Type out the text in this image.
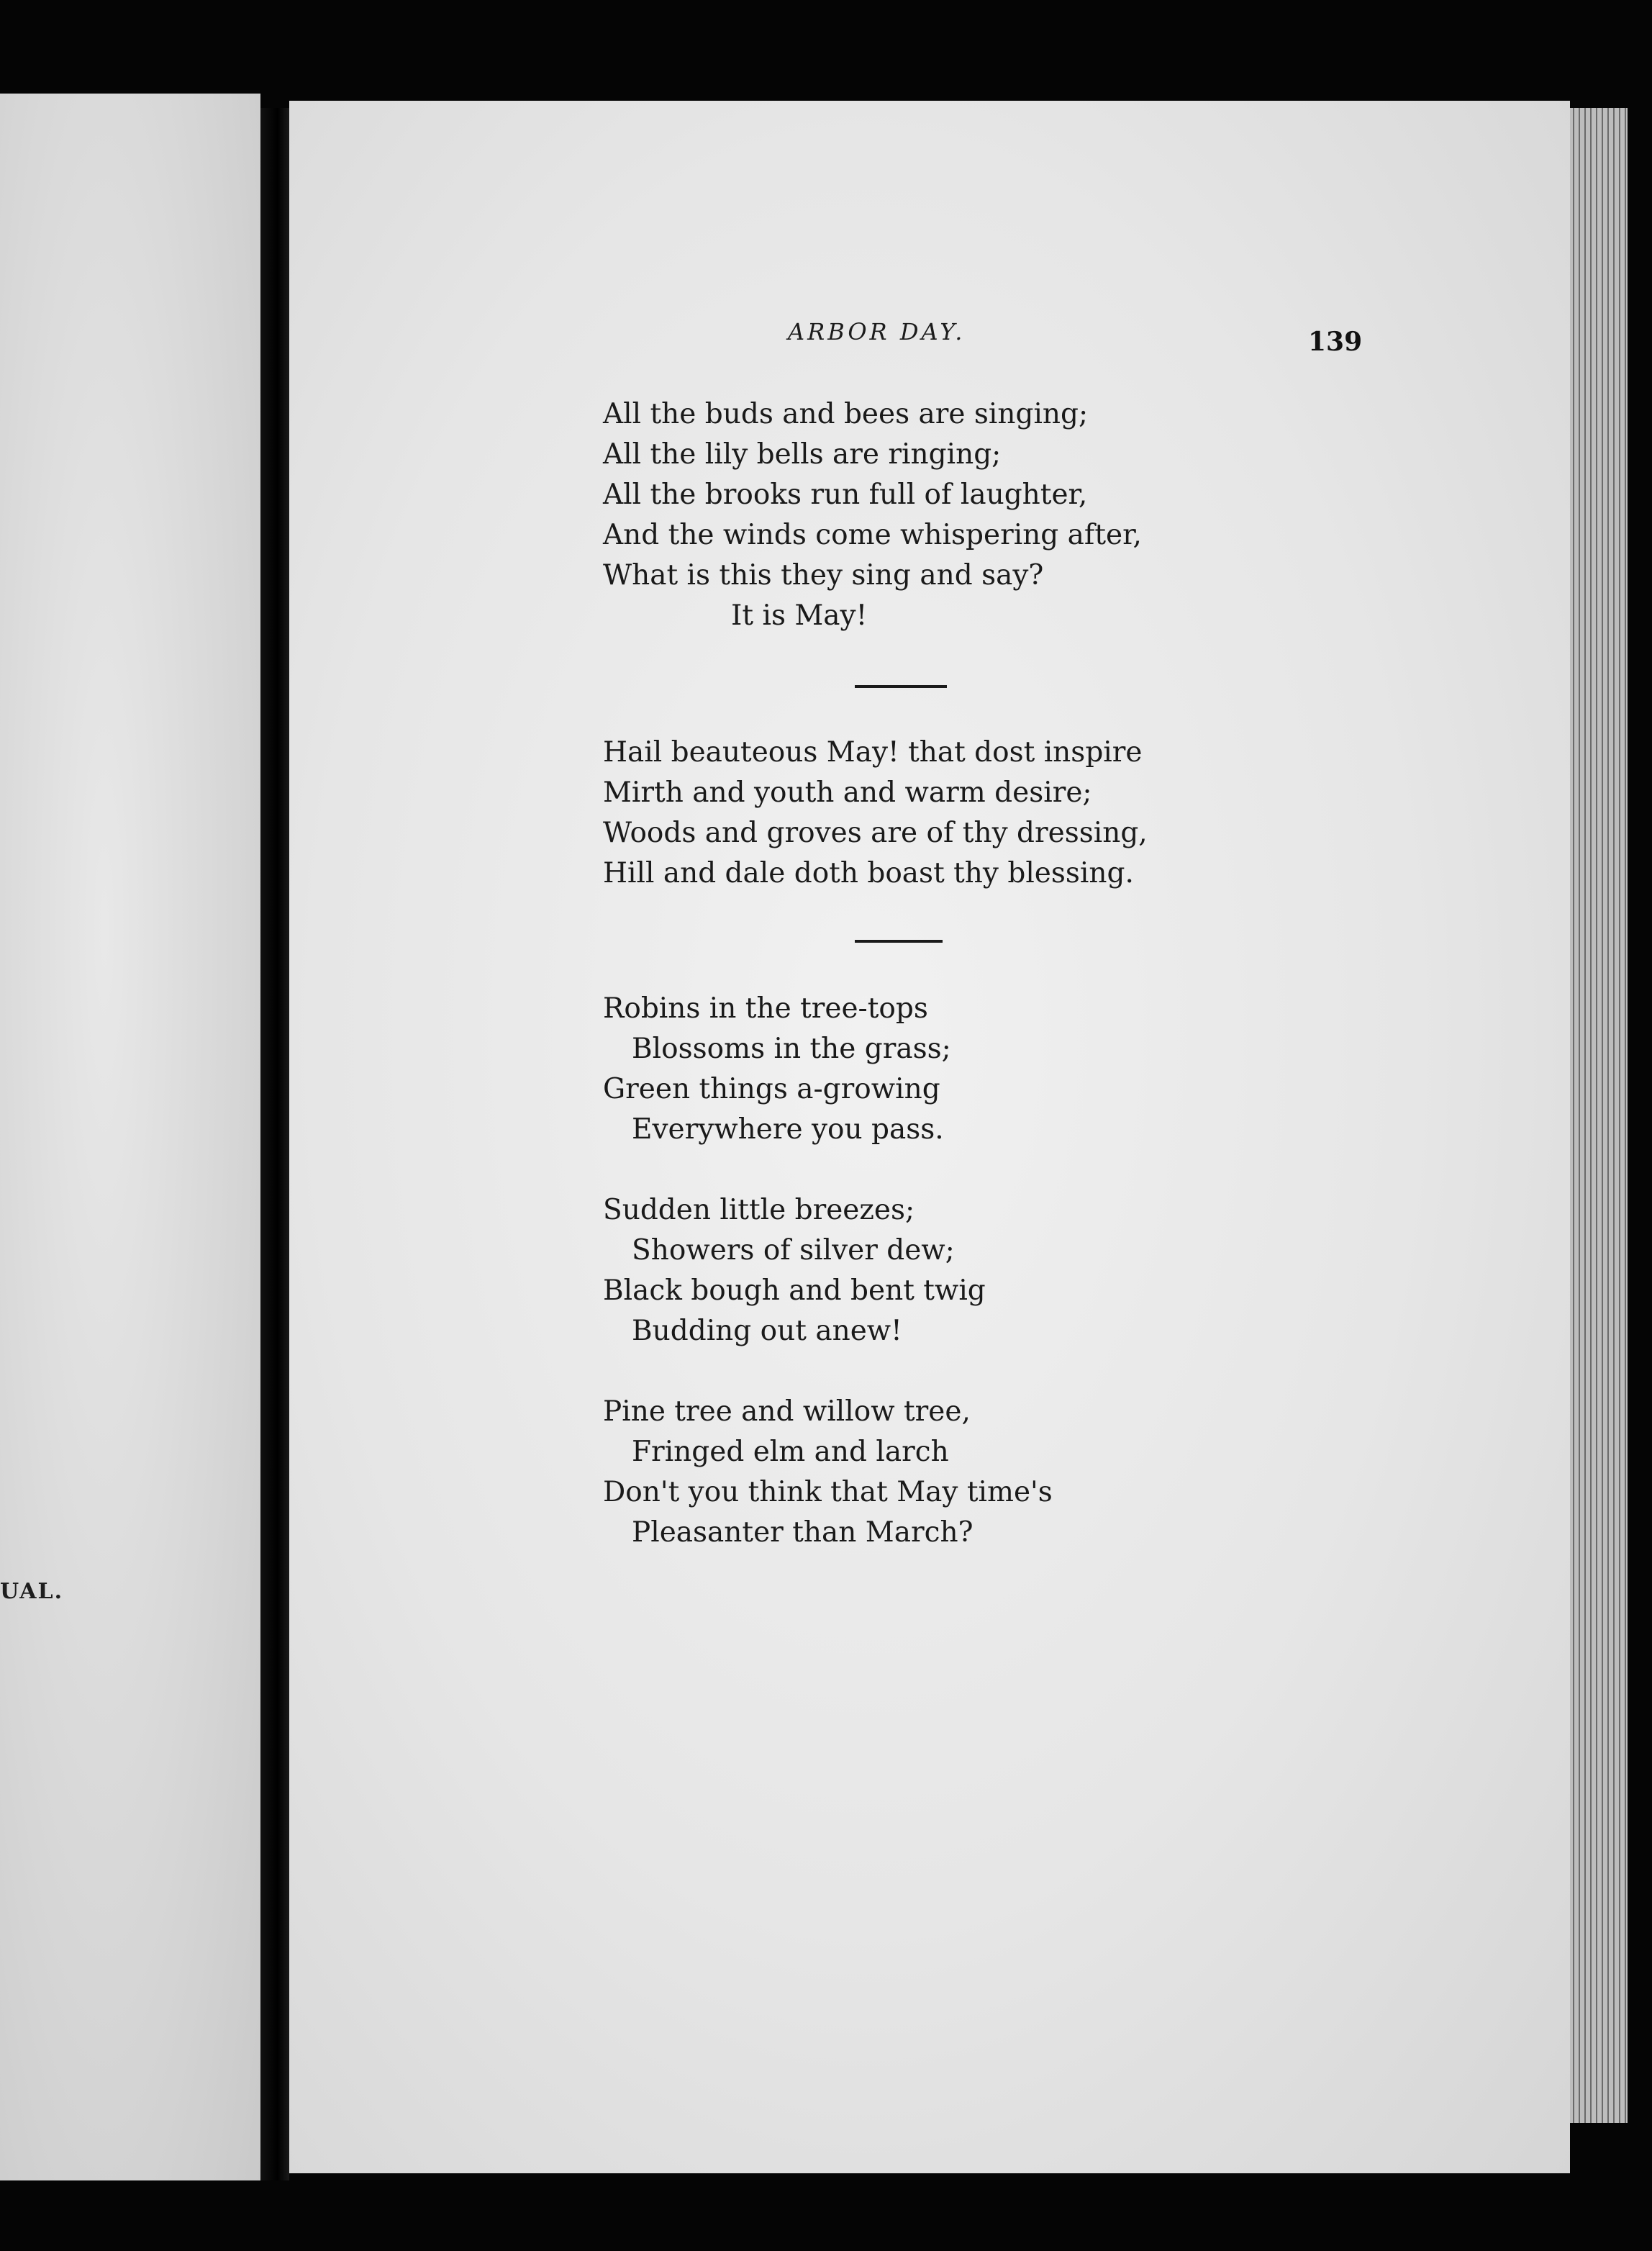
UAL.
ARBOR DAY.	139
All the buds and bees are singing;
All the lily bells are ringing;
All the brooks run full of laughter,
And the winds come whispering after,
What is this they sing and say?
It is May!
Hail beauteous May! that dost inspire
Mirth and youth and warm desire;
Woods and groves are of thy dressing,
Hill and dale doth boast thy blessing.
Robins in the tree-tops
Blossoms in the grass;
Green things a-growing
Everywhere you pass.
Sudden little breezes;
Showers of silver dew;
Black bough and bent twig
Budding out anew!
Pine tree and willow tree,
Fringed elm and larch
Don't you think that May time's
Pleasanter than March?
